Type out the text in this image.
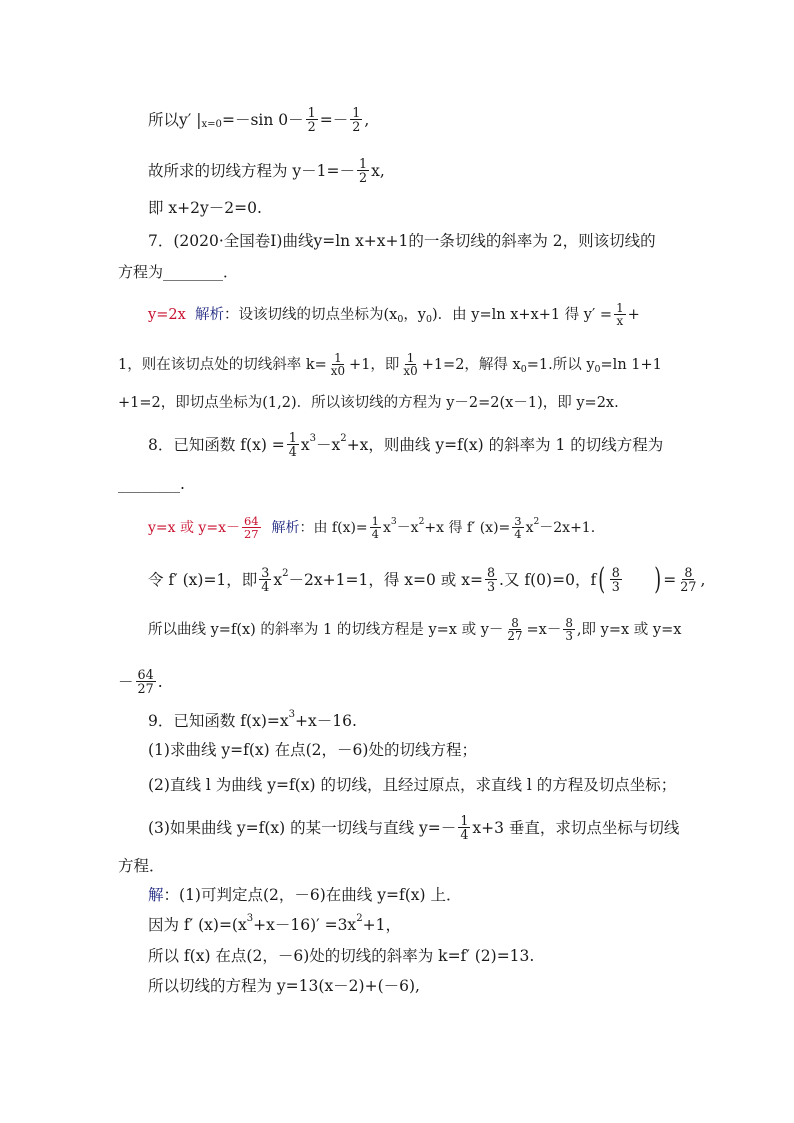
所以y′ | x=0 =－sin $0- \frac{1}{2} =- \frac{1}{2}$ ,
故所求的切线方程为 $y-1=- \frac{1}{2} x$,
即 x+2y－2=0.
7．(2020·全国卷Ⅰ)曲线y=ln x+x+1的一条切线的斜率为 2，则该切线的
方程为________．
y=2x 解析 ：设该切线的切点坐标为(x 0 ，y 0 )．由 y=ln x+x+1 得 $y' = \frac{1}{x}$ +
1，则在该切点处的切线斜率 $k= \frac{1}{x0} +1$，即 $\frac{1}{x0} +1=2$，解得 x 0 =1.所以 y 0 =ln 1+1
+1=2，即切点坐标为(1,2)．所以该切线的方程为 y－2=2(x－1)，即 y=2x.
8．已知函数 $f(x) = \frac{1}{4}$ x 3 －x 2 +x，则曲线 y=f(x) 的斜率为 1 的切线方程为
________.
y=x 或 $y=x- \frac{64}{27}$ 解析 ：由 $f(x)= \frac{1}{4}$ x 3 －x 2 +x 得 f′ $(x)= \frac{3}{4}$ x 2 －2x+1.
令 f′ (x)=1，即 $\frac{3}{4}$ x 2 －2x+1=1，得 x=0 或 $x= \frac{8}{3}$ .又 f(0)=0，f ( $\frac{8}{3}$ ) = $\frac{8}{27}$ ,
所以曲线 y=f(x) 的斜率为 1 的切线方程是 y=x 或 $y- \frac{8}{27} =x- \frac{8}{3}$ ,即 y=x 或 y=x
－ $\frac{64}{27}$ .
9．已知函数 f(x)=x 3 +x－16.
(1)求曲线 y=f(x) 在点(2，－6)处的切线方程；
(2)直线 l 为曲线 y=f(x) 的切线，且经过原点，求直线 l 的方程及切点坐标；
(3)如果曲线 y=f(x) 的某一切线与直线 $y=- \frac{1}{4} x+3$ 垂直，求切点坐标与切线
方程．
解 ：(1)可判定点(2，－6)在曲线 y=f(x) 上．
因为 f′ (x)=(x 3 +x－16)′ =3x 2 +1，
所以 f(x) 在点(2，－6)处的切线的斜率为 k=f′ (2)=13.
所以切线的方程为 y=13(x－2)+(－6),
